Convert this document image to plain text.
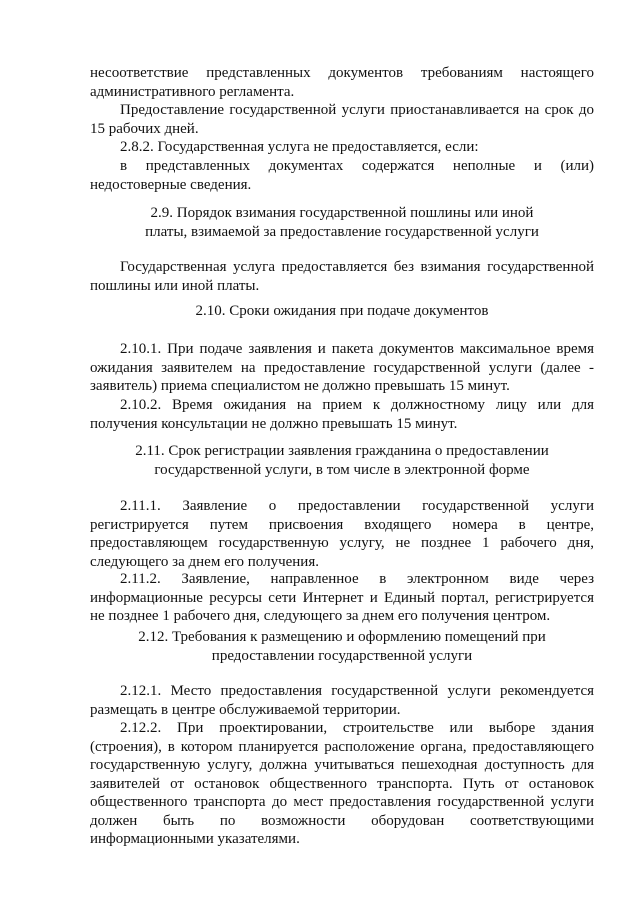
несоответствие представленных документов требованиям настоящего административного регламента.

Предоставление государственной услуги приостанавливается на срок до 15 рабочих дней.

2.8.2. Государственная услуга не предоставляется, если:

в представленных документах содержатся неполные и (или) недостоверные сведения.

2.9. Порядок взимания государственной пошлины или иной платы, взимаемой за предоставление государственной услуги

Государственная услуга предоставляется без взимания государственной пошлины или иной платы.

2.10. Сроки ожидания при подаче документов

2.10.1. При подаче заявления и пакета документов максимальное время ожидания заявителем на предоставление государственной услуги (далее - заявитель) приема специалистом не должно превышать 15 минут.

2.10.2. Время ожидания на прием к должностному лицу или для получения консультации не должно превышать 15 минут.

2.11. Срок регистрации заявления гражданина о предоставлении государственной услуги, в том числе в электронной форме

2.11.1. Заявление о предоставлении государственной услуги регистрируется путем присвоения входящего номера в центре, предоставляющем государственную услугу, не позднее 1 рабочего дня, следующего за днем его получения.

2.11.2. Заявление, направленное в электронном виде через информационные ресурсы сети Интернет и Единый портал, регистрируется не позднее 1 рабочего дня, следующего за днем его получения центром.

2.12. Требования к размещению и оформлению помещений при предоставлении государственной услуги

2.12.1. Место предоставления государственной услуги рекомендуется размещать в центре обслуживаемой территории.

2.12.2. При проектировании, строительстве или выборе здания (строения), в котором планируется расположение органа, предоставляющего государственную услугу, должна учитываться пешеходная доступность для заявителей от остановок общественного транспорта. Путь от остановок общественного транспорта до мест предоставления государственной услуги должен быть по возможности оборудован соответствующими информационными указателями.
